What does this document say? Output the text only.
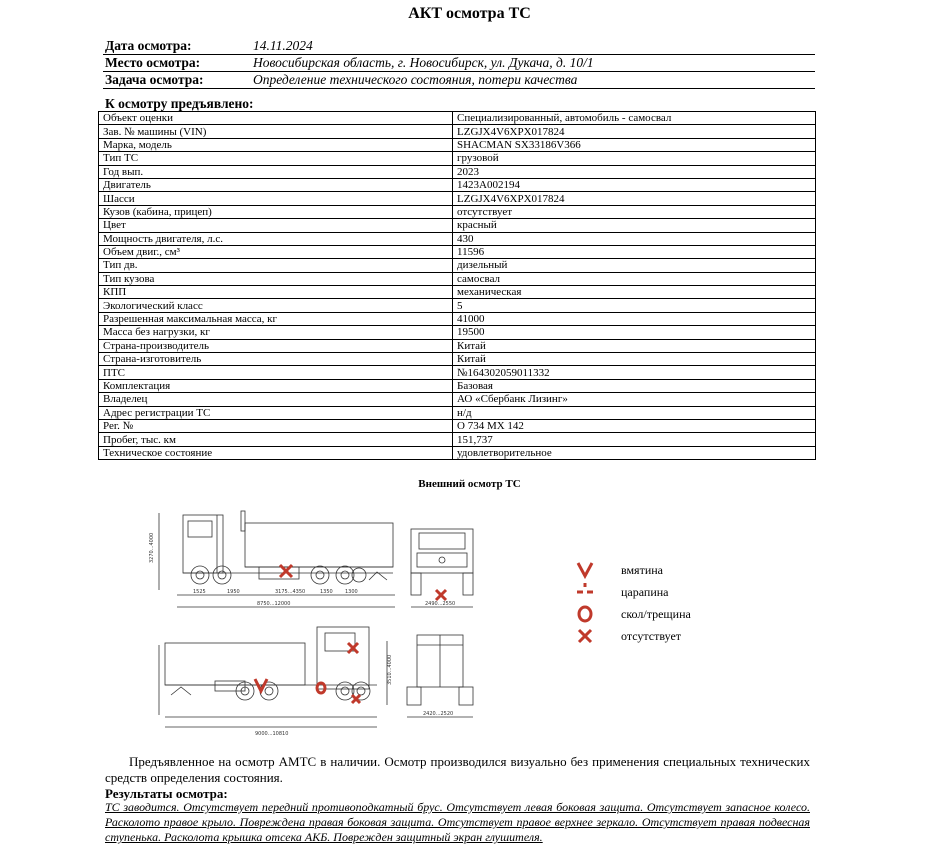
АКТ осмотра ТС
Дата осмотра:	14.11.2024
Место осмотра:	Новосибирская область, г. Новосибирск, ул. Дукача, д. 10/1
Задача осмотра:	Определение технического состояния, потери качества
К осмотру предъявлено:
Объект оценки	Специализированный, автомобиль - самосвал
Зав. № машины (VIN)	LZGJX4V6XPX017824
Марка, модель	SHACMAN SX33186V366
Тип ТС	грузовой
Год вып.	2023
Двигатель	1423A002194
Шасси	LZGJX4V6XPX017824
Кузов (кабина, прицеп)	отсутствует
Цвет	красный
Мощность двигателя, л.с.	430
Объем двиг., см³	11596
Тип дв.	дизельный
Тип кузова	самосвал
КПП	механическая
Экологический класс	5
Разрешенная максимальная масса, кг	41000
Масса без нагрузки, кг	19500
Страна-производитель	Китай
Страна-изготовитель	Китай
ПТС	№164302059011332
Комплектация	Базовая
Владелец	АО «Сбербанк Лизинг»
Адрес регистрации ТС	н/д
Рег. №	О 734 МХ 142
Пробег, тыс. км	151,737
Техническое состояние	удовлетворительное
Внешний осмотр ТС
3270...4000
1525	1950	3175...4350	1350 1300
8750...12000	2490...2550
3510...4000
9000...10810
2420...2520
вмятина
царапина
скол/трещина
отсутствует
Предъявленное на осмотр АМТС в наличии. Осмотр производился визуально без применения специальных технических средств определения состояния.
Результаты осмотра:
ТС заводится. Отсутствует передний противоподкатный брус. Отсутствует левая боковая защита. Отсутствует запасное колесо. Расколото правое крыло. Повреждена правая боковая защита. Отсутствует правое верхнее зеркало. Отсутствует правая подвесная ступенька. Расколота крышка отсека АКБ. Поврежден защитный экран глушителя.
